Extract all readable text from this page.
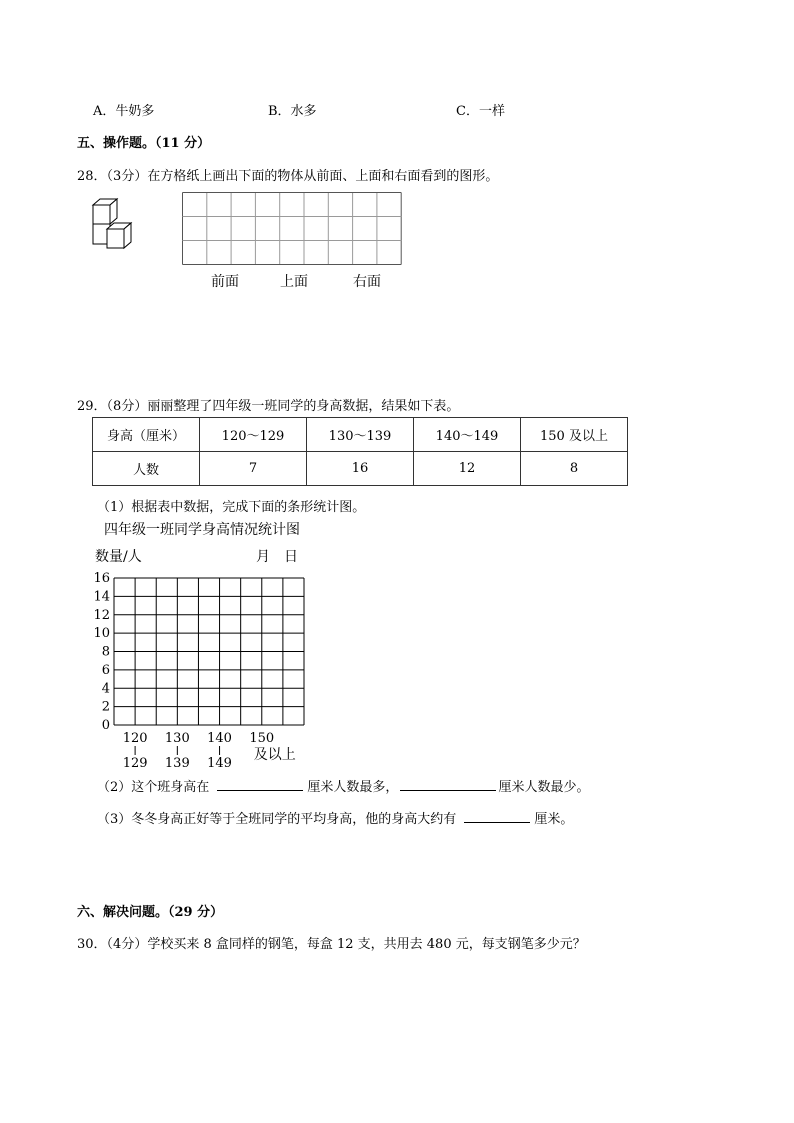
A．牛奶多	B．水多	C．一样
五、操作题。（11 分）
28．（3分）在方格纸上画出下面的物体从前面、上面和右面看到的图形。
前面	上面	右面
29．（8分）丽丽整理了四年级一班同学的身高数据，结果如下表。
身高（厘米）	120～129	130～139	140～149	150 及以上
人数	7	16	12	8
（1）根据表中数据，完成下面的条形统计图。
四年级一班同学身高情况统计图
数量/人	月　日
0
2
4
6
8
10
12
14
16
120
129
130
139
140
149
150
及以上
（2）这个班身高在	厘米人数最多，	厘米人数最少。
（3）冬冬身高正好等于全班同学的平均身高，他的身高大约有	厘米。
六、解决问题。（29 分）
30．（4分）学校买来 8 盒同样的钢笔，每盒 12 支，共用去 480 元，每支钢笔多少元？
